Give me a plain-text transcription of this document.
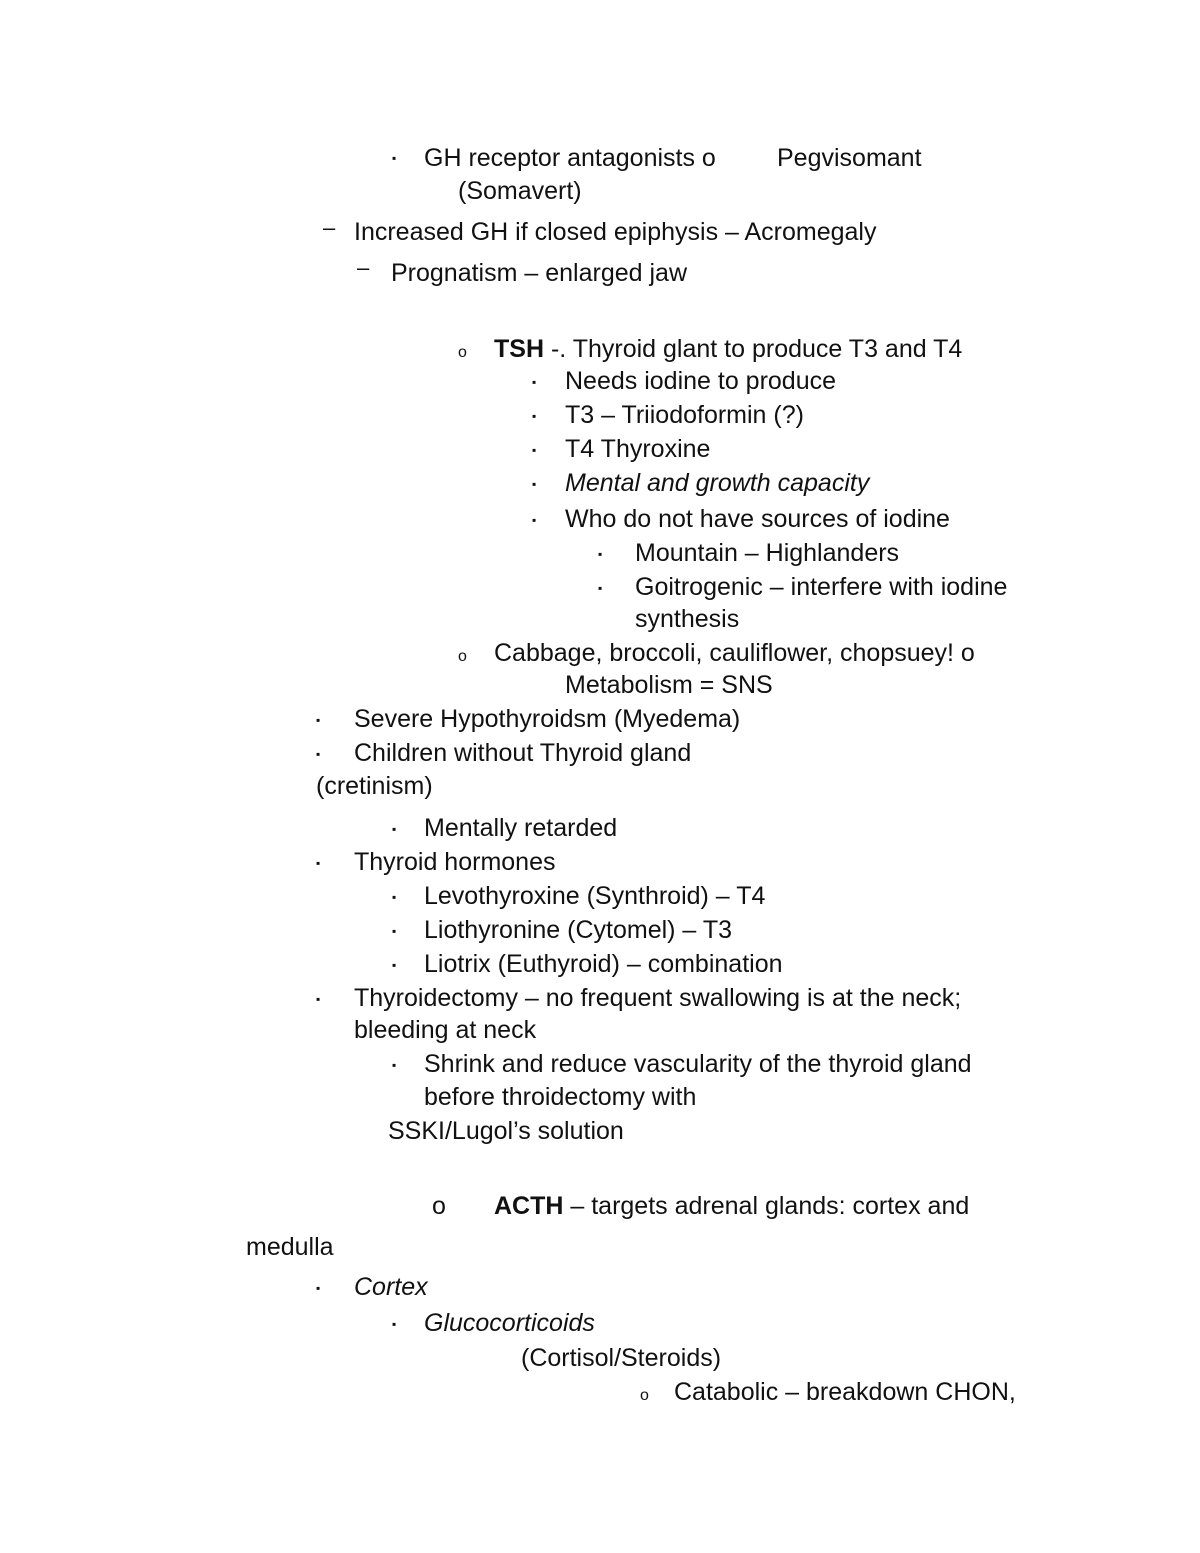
▪ GH receptor antagonists o Pegvisomant
(Somavert)
‒ Increased GH if closed epiphysis – Acromegaly
‒ Prognatism – enlarged jaw
o TSH -. Thyroid glant to produce T3 and T4
▪ Needs iodine to produce
▪ T3 – Triiodoformin (?)
▪ T4 Thyroxine
▪ Mental and growth capacity
▪ Who do not have sources of iodine
▪ Mountain – Highlanders
▪ Goitrogenic – interfere with iodine
synthesis
o Cabbage, broccoli, cauliflower, chopsuey! o
Metabolism = SNS
▪ Severe Hypothyroidsm (Myedema)
▪ Children without Thyroid gland
(cretinism)
▪ Mentally retarded
▪ Thyroid hormones
▪ Levothyroxine (Synthroid) – T4
▪ Liothyronine (Cytomel) – T3
▪ Liotrix (Euthyroid) – combination
▪ Thyroidectomy – no frequent swallowing is at the neck;
bleeding at neck
▪ Shrink and reduce vascularity of the thyroid gland
before throidectomy with
SSKI/Lugol’s solution
o ACTH – targets adrenal glands: cortex and
medulla
▪ Cortex
▪ Glucocorticoids
(Cortisol/Steroids)
o Catabolic – breakdown CHON,
